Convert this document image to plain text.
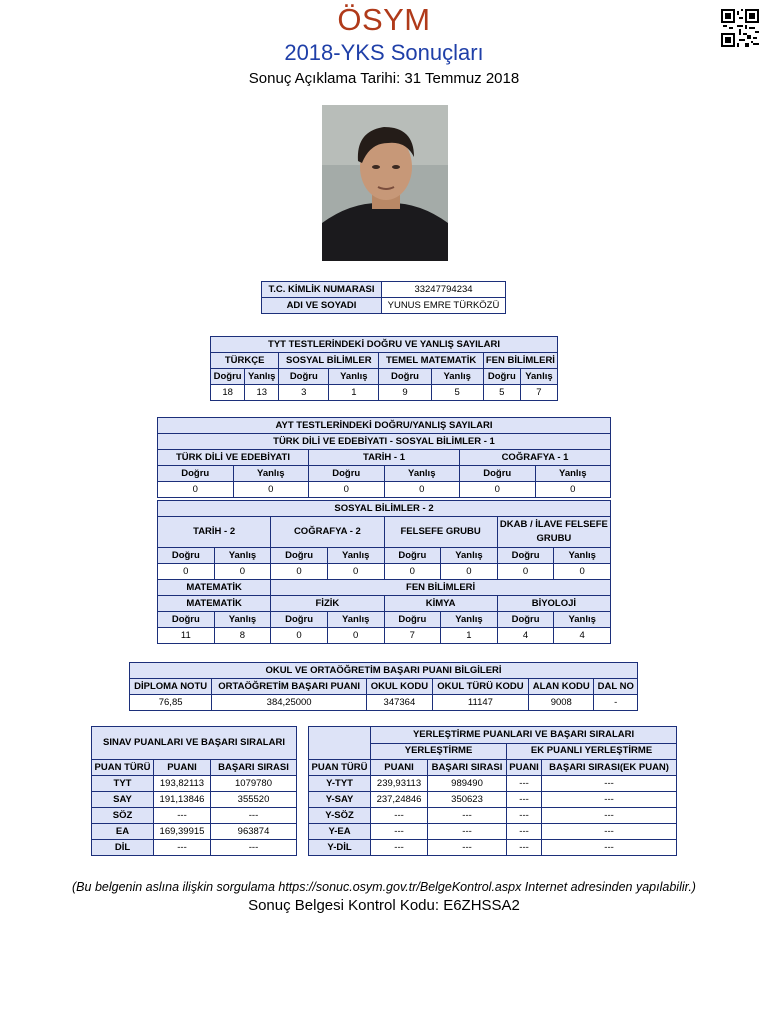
ÖSYM
2018-YKS Sonuçları
Sonuç Açıklama Tarihi: 31 Temmuz 2018
T.C. KİMLİK NUMARASI	33247794234
ADI VE SOYADI	YUNUS EMRE TÜRKÖZÜ
TYT TESTLERİNDEKİ DOĞRU VE YANLIŞ SAYILARI							
TÜRKÇE		SOSYAL BİLİMLER		TEMEL MATEMATİK		FEN BİLİMLERİ	
Doğru	Yanlış	Doğru	Yanlış	Doğru	Yanlış	Doğru	Yanlış
18	13	3	1	9	5	5	7
AYT TESTLERİNDEKİ DOĞRU/YANLIŞ SAYILARI					
TÜRK DİLİ VE EDEBİYATI - SOSYAL BİLİMLER - 1					
TÜRK DİLİ VE EDEBİYATI		TARİH - 1		COĞRAFYA - 1	
Doğru	Yanlış	Doğru	Yanlış	Doğru	Yanlış
0	0	0	0	0	0
SOSYAL BİLİMLER - 2							
TARİH - 2		COĞRAFYA - 2		FELSEFE GRUBU		DKAB / İLAVE FELSEFE GRUBU	
Doğru	Yanlış	Doğru	Yanlış	Doğru	Yanlış	Doğru	Yanlış
0	0	0	0	0	0	0	0
MATEMATİK		FEN BİLİMLERİ					
MATEMATİK		FİZİK		KİMYA		BİYOLOJİ	
Doğru	Yanlış	Doğru	Yanlış	Doğru	Yanlış	Doğru	Yanlış
11	8	0	0	7	1	4	4
OKUL VE ORTAÖĞRETİM BAŞARI PUANI BİLGİLERİ					
DİPLOMA NOTU	ORTAÖĞRETİM BAŞARI PUANI	OKUL KODU	OKUL TÜRÜ KODU	ALAN KODU	DAL NO
76,85	384,25000	347364	11147	9008	-
SINAV PUANLARI VE BAŞARI SIRALARI					YERLEŞTİRME PUANLARI VE BAŞARI SIRALARI			
					YERLEŞTİRME		EK PUANLI YERLEŞTİRME	
PUAN TÜRÜ	PUANI	BAŞARI SIRASI		PUAN TÜRÜ	PUANI	BAŞARI SIRASI	PUANI	BAŞARI SIRASI(EK PUAN)
TYT	193,82113	1079780		Y-TYT	239,93113	989490	---	---
SAY	191,13846	355520		Y-SAY	237,24846	350623	---	---
SÖZ	---	---		Y-SÖZ	---	---	---	---
EA	169,39915	963874		Y-EA	---	---	---	---
DİL	---	---		Y-DİL	---	---	---	---
(Bu belgenin aslına ilişkin sorgulama https://sonuc.osym.gov.tr/BelgeKontrol.aspx Internet adresinden yapılabilir.)
Sonuç Belgesi Kontrol Kodu: E6ZHSSA2
